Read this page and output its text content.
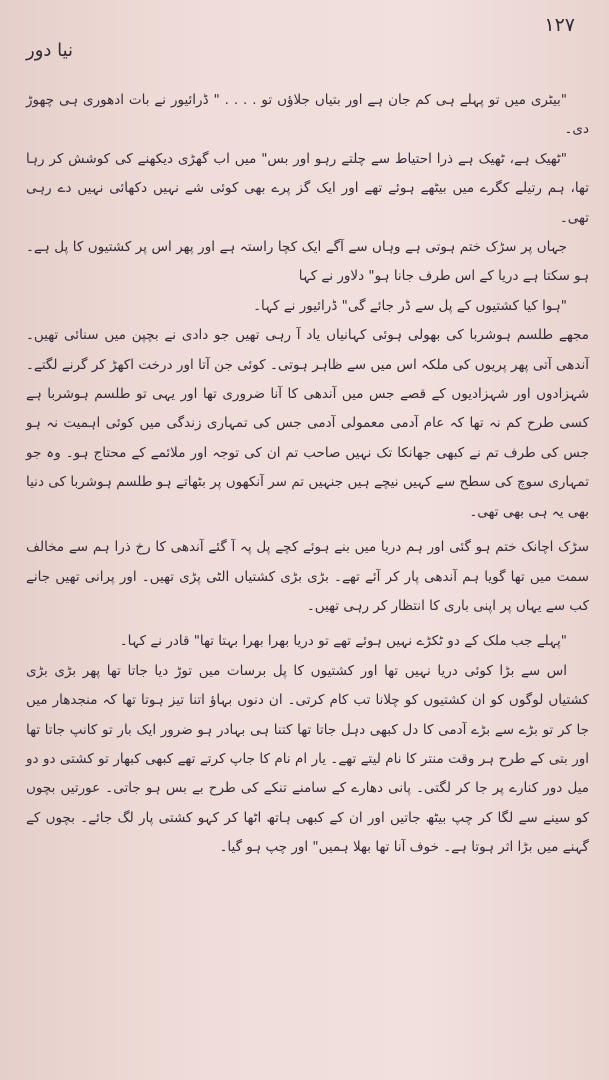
۱۲۷
نیا دور

"بیٹری میں تو پہلے ہی کم جان ہے اور بتیاں جلاؤں تو . . . . " ڈرائیور نے بات ادھوری ہی چھوڑ دی۔

"ٹھیک ہے، ٹھیک ہے ذرا احتیاط سے چلتے رہو اور بس" میں اب گھڑی دیکھنے کی کوشش کر رہا تھا، ہم رتیلے کگرے میں بیٹھے ہوئے تھے اور ایک گز پرے بھی کوئی شے نہیں دکھائی نہیں دے رہی تھی۔

جہاں پر سڑک ختم ہوتی ہے وہاں سے آگے ایک کچا راستہ ہے اور پھر اس پر کشتیوں کا پل ہے۔ ہو سکتا ہے دریا کے اس طرف جانا ہو" دلاور نے کہا

"ہوا کیا کشتیوں کے پل سے ڈر جائے گی" ڈرائیور نے کہا۔

مجھے طلسم ہوشربا کی بھولی ہوئی کہانیاں یاد آ رہی تھیں جو دادی نے بچپن میں سنائی تھیں۔ آندھی آتی پھر پریوں کی ملکہ اس میں سے ظاہر ہوتی۔ کوئی جن آتا اور درخت اکھڑ کر گرنے لگتے۔ شہزادوں اور شہزادیوں کے قصے جس میں آندھی کا آنا ضروری تھا اور یہی تو طلسم ہوشربا ہے کسی طرح کم نہ تھا کہ عام آدمی معمولی آدمی جس کی تمہاری زندگی میں کوئی اہمیت نہ ہو جس کی طرف تم نے کبھی جھانکا تک نہیں صاحب تم ان کی توجہ اور ملائمے کے محتاج ہو۔ وہ جو تمہاری سوچ کی سطح سے کہیں نیچے ہیں جنہیں تم سر آنکھوں پر بٹھاتے ہو طلسم ہوشربا کی دنیا بھی یہ ہی بھی تھی۔

سڑک اچانک ختم ہو گئی اور ہم دریا میں بنے ہوئے کچے پل پہ آ گئے آندھی کا رخ ذرا ہم سے مخالف سمت میں تھا گویا ہم آندھی پار کر آئے تھے۔ بڑی بڑی کشتیاں الٹی پڑی تھیں۔ اور پرانی تھیں جانے کب سے یہاں پر اپنی باری کا انتظار کر رہی تھیں۔

"پہلے جب ملک کے دو ٹکڑے نہیں ہوئے تھے تو دریا بھرا بھرا بہتا تھا" قادر نے کہا۔

اس سے بڑا کوئی دریا نہیں تھا اور کشتیوں کا پل برسات میں توڑ دیا جاتا تھا پھر بڑی بڑی کشتیاں لوگوں کو ان کشتیوں کو چلانا تب کام کرتی۔ ان دنوں بہاؤ اتنا تیز ہوتا تھا کہ منجدھار میں جا کر تو بڑے سے بڑے آدمی کا دل کبھی دہل جاتا تھا کتنا ہی بہادر ہو ضرور ایک بار تو کانپ جاتا تھا اور بتی کے طرح ہر وقت منتر کا نام لیتے تھے۔ یار ام نام کا جاپ کرتے تھے کبھی کبھار تو کشتی دو دو میل دور کنارے پر جا کر لگتی۔ پانی دھارے کے سامنے تنکے کی طرح بے بس ہو جاتی۔ عورتیں بچوں کو سینے سے لگا کر چپ بیٹھ جاتیں اور ان کے کبھی ہاتھ اٹھا کر کہو کشتی پار لگ جائے۔ بچوں کے گہنے میں بڑا اثر ہوتا ہے۔ خوف آنا تھا بھلا ہمیں" اور چپ ہو گیا۔
